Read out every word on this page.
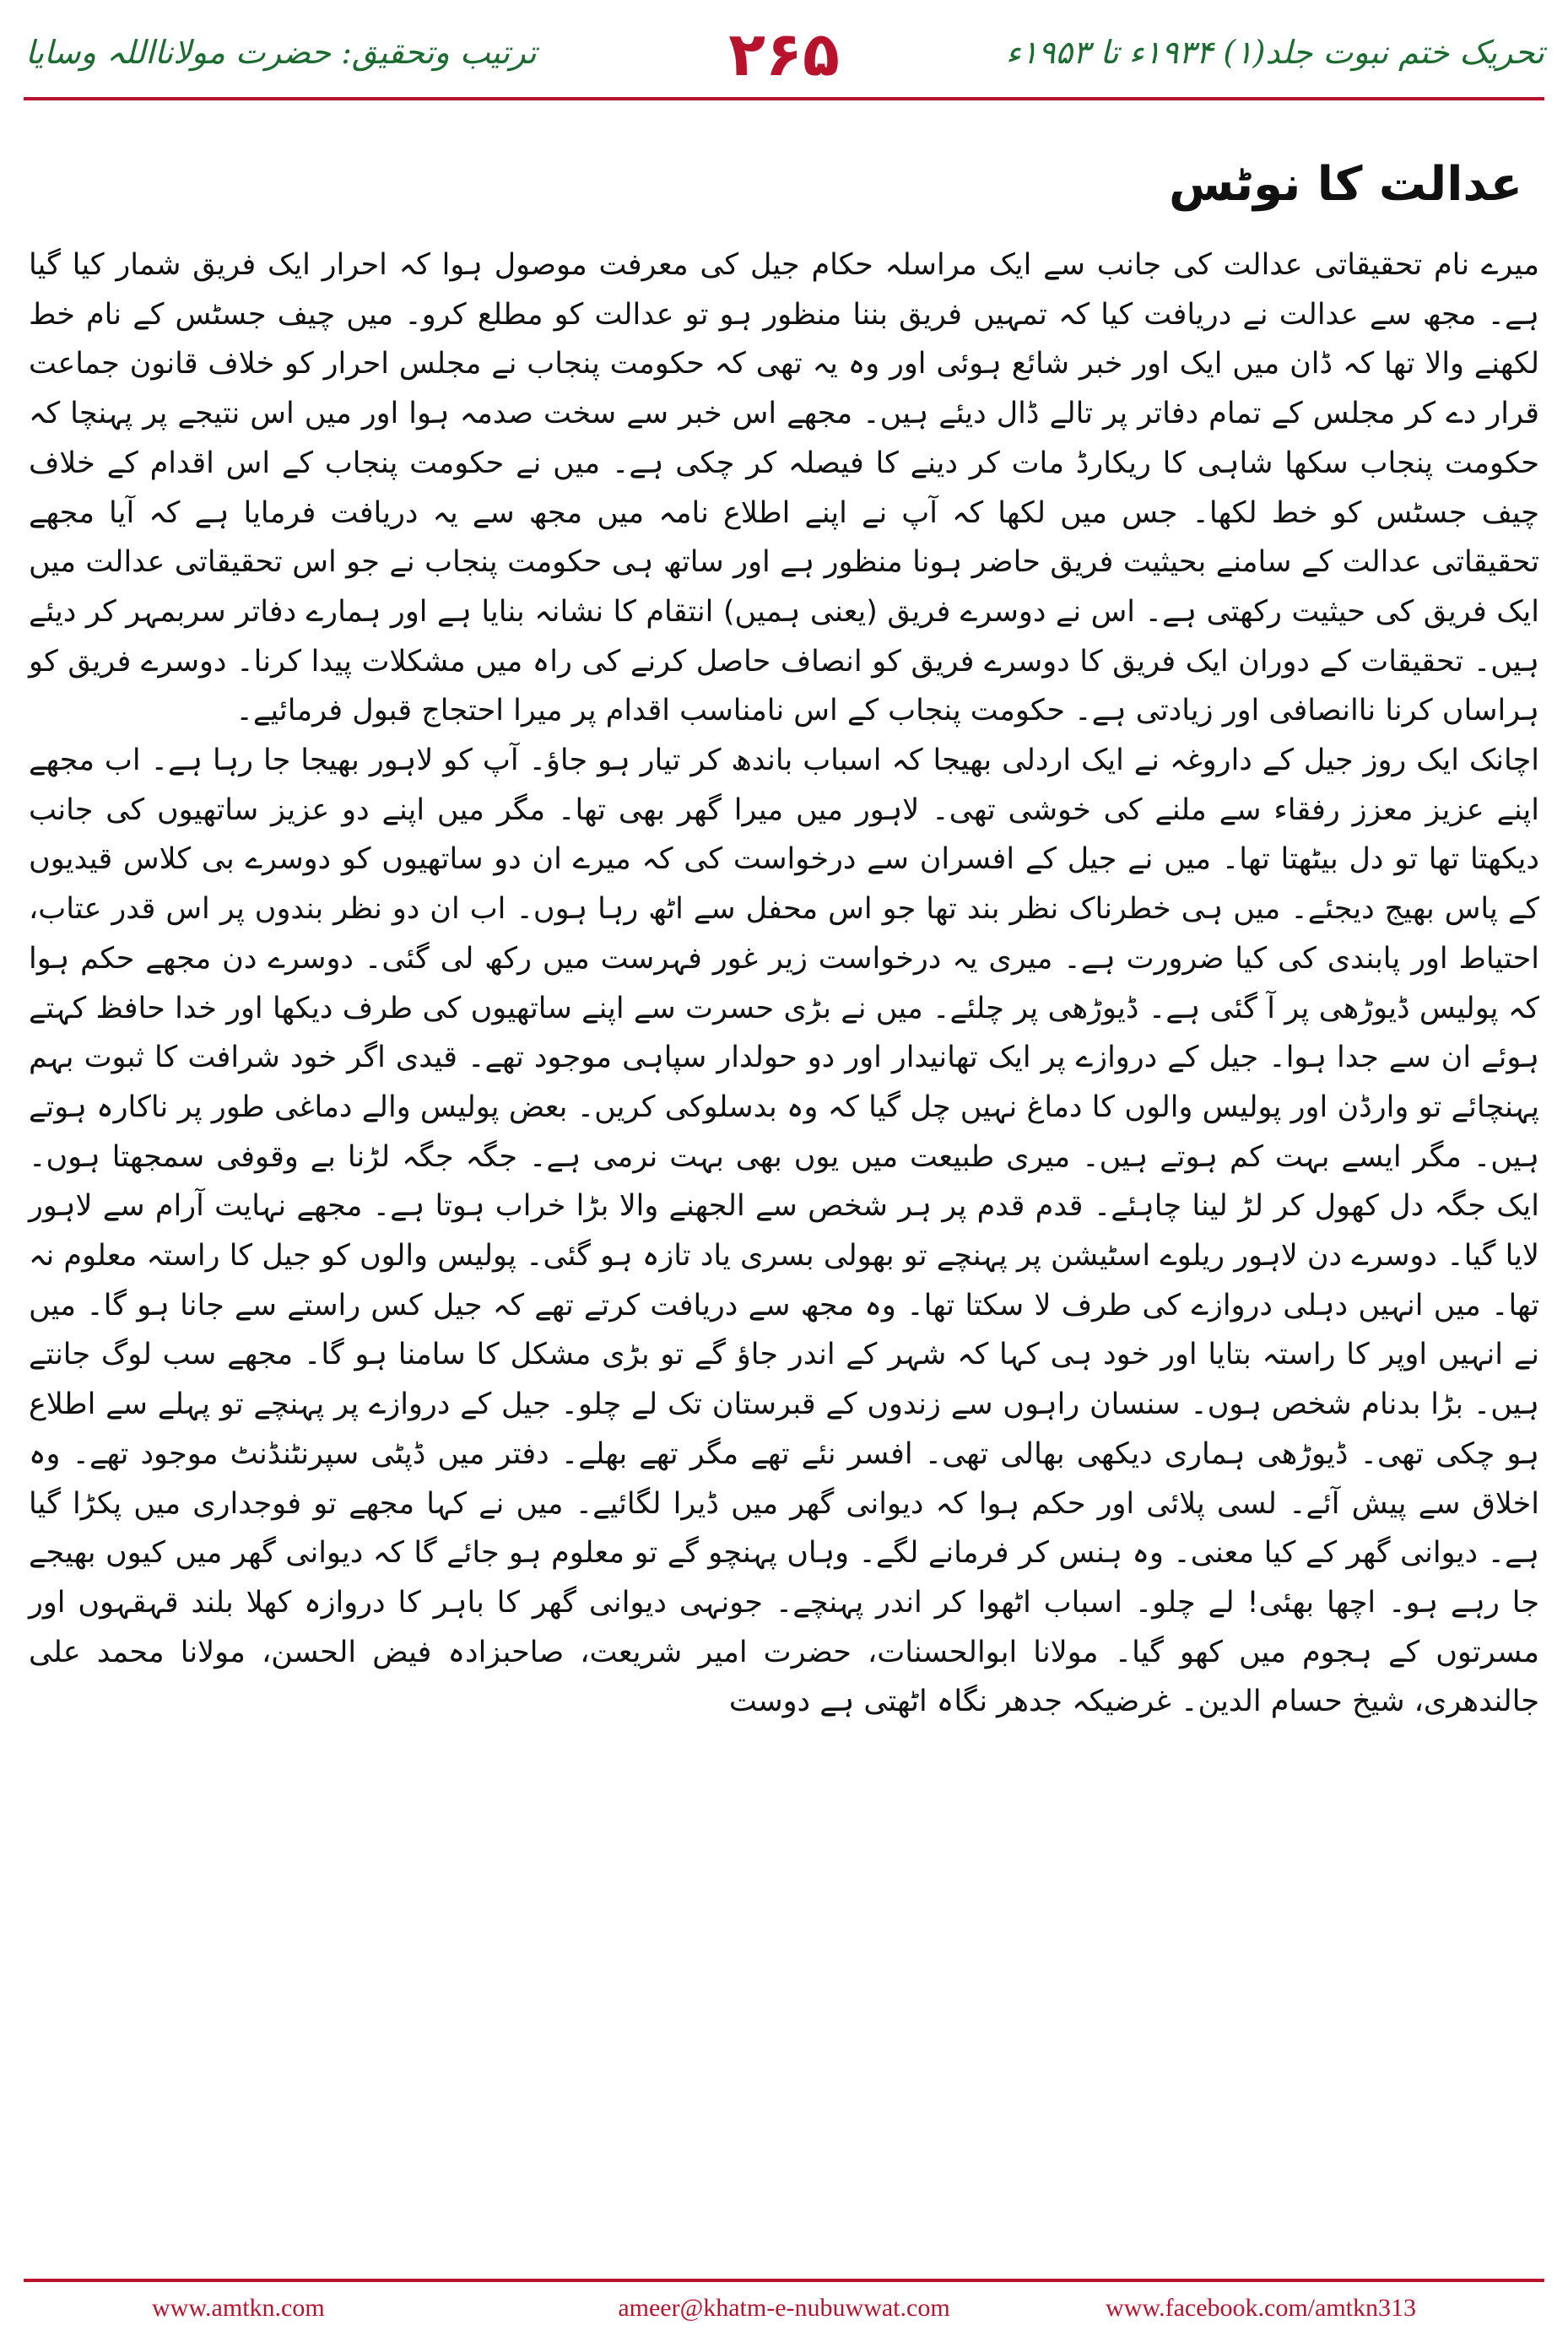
تحریک ختم نبوت جلد(۱) ۱۹۳۴ء تا ۱۹۵۳ء
۲۶۵
ترتیب وتحقیق: حضرت مولانااللہ وسایا
عدالت کا نوٹس

میرے نام تحقیقاتی عدالت کی جانب سے ایک مراسلہ حکام جیل کی معرفت موصول ہوا کہ احرار ایک فریق شمار کیا گیا ہے۔ مجھ سے عدالت نے دریافت کیا کہ تمہیں فریق بننا منظور ہو تو عدالت کو مطلع کرو۔ میں چیف جسٹس کے نام خط لکھنے والا تھا کہ ڈان میں ایک اور خبر شائع ہوئی اور وہ یہ تھی کہ حکومت پنجاب نے مجلس احرار کو خلاف قانون جماعت قرار دے کر مجلس کے تمام دفاتر پر تالے ڈال دیئے ہیں۔ مجھے اس خبر سے سخت صدمہ ہوا اور میں اس نتیجے پر پہنچا کہ حکومت پنجاب سکھا شاہی کا ریکارڈ مات کر دینے کا فیصلہ کر چکی ہے۔ میں نے حکومت پنجاب کے اس اقدام کے خلاف چیف جسٹس کو خط لکھا۔ جس میں لکھا کہ آپ نے اپنے اطلاع نامہ میں مجھ سے یہ دریافت فرمایا ہے کہ آیا مجھے تحقیقاتی عدالت کے سامنے بحیثیت فریق حاضر ہونا منظور ہے اور ساتھ ہی حکومت پنجاب نے جو اس تحقیقاتی عدالت میں ایک فریق کی حیثیت رکھتی ہے۔ اس نے دوسرے فریق (یعنی ہمیں) انتقام کا نشانہ بنایا ہے اور ہمارے دفاتر سربمہر کر دیئے ہیں۔ تحقیقات کے دوران ایک فریق کا دوسرے فریق کو انصاف حاصل کرنے کی راہ میں مشکلات پیدا کرنا۔ دوسرے فریق کو ہراساں کرنا ناانصافی اور زیادتی ہے۔ حکومت پنجاب کے اس نامناسب اقدام پر میرا احتجاج قبول فرمائیے۔

اچانک ایک روز جیل کے داروغہ نے ایک اردلی بھیجا کہ اسباب باندھ کر تیار ہو جاؤ۔ آپ کو لاہور بھیجا جا رہا ہے۔ اب مجھے اپنے عزیز معزز رفقاء سے ملنے کی خوشی تھی۔ لاہور میں میرا گھر بھی تھا۔ مگر میں اپنے دو عزیز ساتھیوں کی جانب دیکھتا تھا تو دل بیٹھتا تھا۔ میں نے جیل کے افسران سے درخواست کی کہ میرے ان دو ساتھیوں کو دوسرے بی کلاس قیدیوں کے پاس بھیج دیجئے۔ میں ہی خطرناک نظر بند تھا جو اس محفل سے اٹھ رہا ہوں۔ اب ان دو نظر بندوں پر اس قدر عتاب، احتیاط اور پابندی کی کیا ضرورت ہے۔ میری یہ درخواست زیر غور فہرست میں رکھ لی گئی۔ دوسرے دن مجھے حکم ہوا کہ پولیس ڈیوڑھی پر آ گئی ہے۔ ڈیوڑھی پر چلئے۔ میں نے بڑی حسرت سے اپنے ساتھیوں کی طرف دیکھا اور خدا حافظ کہتے ہوئے ان سے جدا ہوا۔ جیل کے دروازے پر ایک تھانیدار اور دو حولدار سپاہی موجود تھے۔ قیدی اگر خود شرافت کا ثبوت بہم پہنچائے تو وارڈن اور پولیس والوں کا دماغ نہیں چل گیا کہ وہ بدسلوکی کریں۔ بعض پولیس والے دماغی طور پر ناکارہ ہوتے ہیں۔ مگر ایسے بہت کم ہوتے ہیں۔ میری طبیعت میں یوں بھی بہت نرمی ہے۔ جگہ جگہ لڑنا بے وقوفی سمجھتا ہوں۔ ایک جگہ دل کھول کر لڑ لینا چاہئے۔ قدم قدم پر ہر شخص سے الجھنے والا بڑا خراب ہوتا ہے۔ مجھے نہایت آرام سے لاہور لایا گیا۔ دوسرے دن لاہور ریلوے اسٹیشن پر پہنچے تو بھولی بسری یاد تازہ ہو گئی۔ پولیس والوں کو جیل کا راستہ معلوم نہ تھا۔ میں انہیں دہلی دروازے کی طرف لا سکتا تھا۔ وہ مجھ سے دریافت کرتے تھے کہ جیل کس راستے سے جانا ہو گا۔ میں نے انہیں اوپر کا راستہ بتایا اور خود ہی کہا کہ شہر کے اندر جاؤ گے تو بڑی مشکل کا سامنا ہو گا۔ مجھے سب لوگ جانتے ہیں۔ بڑا بدنام شخص ہوں۔ سنسان راہوں سے زندوں کے قبرستان تک لے چلو۔ جیل کے دروازے پر پہنچے تو پہلے سے اطلاع ہو چکی تھی۔ ڈیوڑھی ہماری دیکھی بھالی تھی۔ افسر نئے تھے مگر تھے بھلے۔ دفتر میں ڈپٹی سپرنٹنڈنٹ موجود تھے۔ وہ اخلاق سے پیش آئے۔ لسی پلائی اور حکم ہوا کہ دیوانی گھر میں ڈیرا لگائیے۔ میں نے کہا مجھے تو فوجداری میں پکڑا گیا ہے۔ دیوانی گھر کے کیا معنی۔ وہ ہنس کر فرمانے لگے۔ وہاں پہنچو گے تو معلوم ہو جائے گا کہ دیوانی گھر میں کیوں بھیجے جا رہے ہو۔ اچھا بھئی! لے چلو۔ اسباب اٹھوا کر اندر پہنچے۔ جونہی دیوانی گھر کا باہر کا دروازہ کھلا بلند قہقہوں اور مسرتوں کے ہجوم میں کھو گیا۔ مولانا ابوالحسنات، حضرت امیر شریعت، صاحبزادہ فیض الحسن، مولانا محمد علی جالندھری، شیخ حسام الدین۔ غرضیکہ جدھر نگاہ اٹھتی ہے دوست

www.amtkn.com	ameer@khatm-e-nubuwwat.com	www.facebook.com/amtkn313
